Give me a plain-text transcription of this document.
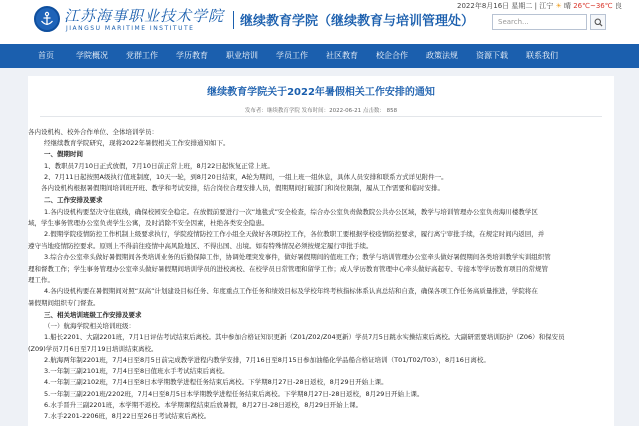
江苏海事职业技术学院
JIANGSU MARITIME INSTITUTE	继续教育学院（继续教育与培训管理处）
2022年8月16日 星期二 | 江宁 ☀ 晴 26℃~36℃ 良
Search...
首页	学院概况	党群工作	学历教育	职业培训	学员工作	社区教育	校企合作	政策法规	资源下载	联系我们
继续教育学院关于2022年暑假相关工作安排的通知
发布者：继续教育学院 发布时间：2022-06-21 点击数： 858
各内设机构、校外合作单位、全体培训学员：
经继续教育学院研究，现将2022年暑假相关工作安排通知如下。
一、假期时间
1、教职员7月10日正式放假，7月10日前正常上班，8月22日起恢复正常上班。
2、7月11日起按照A级执行值班制度，10天一轮，到8月20日结束，A轮为期间，一组上班一组休息，具体人员安排和联系方式详见附件一。
各内设机构根据暑假期间培训班开班、教学和考试安排，结合岗位合理安排人员，假期期间打破部门和岗位限制，履从工作需要和临时安排。
二、工作安排及要求
1.各内设机构要坚决守住底线，确保校园安全稳定。在放假前要进行一次“地毯式”安全检查，综合办公室负责做教院公共办公区域，教学与培训管理办公室负责海川楼教学区
域，学生事务管理办公室负责学生公寓，及时消除不安全因素，杜绝各类安全隐患。
2.假期学院疫情防控工作机制上级要求执行，学院疫情防控工作小组全天做好各项防控工作，各位教职工要根据学校疫情防控要求，履行离宁审批手续，在规定时间内返回，并
遵守当地疫情防控要求。原则上不得前往疫情中高风险地区、不得出国、出境。如有特殊情况必须按规定履行审批手续。
3.综合办公室牵头做好暑假期间各类培训业务的后勤保障工作，协调处理突发事件，做好暑假期间的值班工作；教学与培训管理办公室牵头做好暑假期间各类培训教学实训组织管
理和督教工作；学生事务管理办公室牵头做好暑假期间培训学员的进校离校、在校学员日常管理和留学工作；成人学历教育管理中心牵头做好高起专、专接本等学历教育项目的常规管
理工作。
4.各内设机构要在暑假期间对照“双高”计划建设目标任务、年度重点工作任务和绩效目标及学校年终考核指标体系认真总结和自查，确保各项工作任务高质量推进，学院将在
暑假期间组织专门督查。
三、相关培训班级工作安排及要求
（一）航海学院相关培训班级：
1.船长2201、大副2201班，7月1日评估考试结束后离校。其中参加合格证知识更新（Z01/Z02/Z04更新）学员7月5日跳水实操结束后离校。大副研需要培训防护（Z06）和保安员
(Z09)学员7月6日至7月19日培训结束离校。
2.航海两年制2201班，7月4日至8月5日前完成教学进程内教学安排，7月16日至8月15日参加油船化学品船合格证培训（T01/T02/T03），8月16日离校。
3.一年制三副2101班，7月4日至8日值班水手考试结束后离校。
4.一年制三副2102班，7月4日至8日本学期教学进程任务结束后离校。下学期8月27日-28日返校，8月29日开始上课。
5.一年制三副2201班/2202班，7月4日至8月5日本学期教学进程任务结束后离校。下学期8月27日-28日返校，8月29日开始上课。
6.水手晋升三副2201班，本学期不返校。本学期课程结束后放暑假，8月27日-28日返校，8月29日开始上课。
7.水手2201-2206班，8月22日至26日考试结束后离校。
